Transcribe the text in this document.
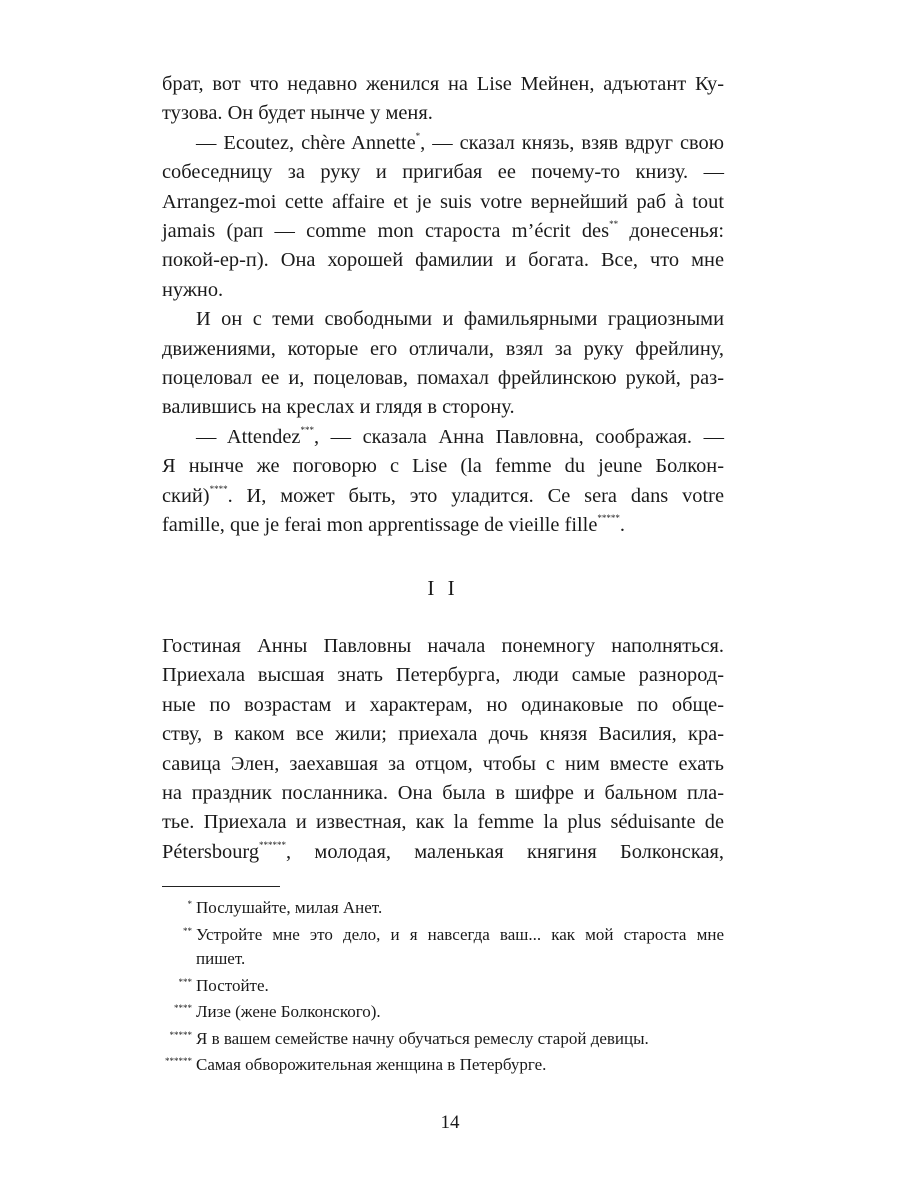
брат, вот что недавно женился на Lise Мейнен, адъютант Ку-
тузова. Он будет нынче у меня.
— Ecoutez, chère Annette*, — сказал князь, взяв вдруг свою
собеседницу за руку и пригибая ее почему-то книзу. —
Arrangez-moi cette affaire et je suis votre вернейший раб à tout
jamais (рап — comme mon староста m’écrit des** донесенья:
покой-ер-п). Она хорошей фамилии и богата. Все, что мне
нужно.
И он с теми свободными и фамильярными грациозными
движениями, которые его отличали, взял за руку фрейлину,
поцеловал ее и, поцеловав, помахал фрейлинскою рукой, раз-
валившись на креслах и глядя в сторону.
— Attendez***, — сказала Анна Павловна, соображая. —
Я нынче же поговорю с Lise (la femme du jeune Болкон-
ский)****. И, может быть, это уладится. Ce sera dans votre
famille, que je ferai mon apprentissage de vieille fille*****.
I I
Гостиная Анны Павловны начала понемногу наполняться.
Приехала высшая знать Петербурга, люди самые разнород-
ные по возрастам и характерам, но одинаковые по обще-
ству, в каком все жили; приехала дочь князя Василия, кра-
савица Элен, заехавшая за отцом, чтобы с ним вместе ехать
на праздник посланника. Она была в шифре и бальном пла-
тье. Приехала и известная, как la femme la plus séduisante de
Pétersbourg******, молодая, маленькая княгиня Болконская,
* Послушайте, милая Анет.
** Устройте мне это дело, и я навсегда ваш... как мой староста мне
пишет.
*** Постойте.
**** Лизе (жене Болконского).
***** Я в вашем семействе начну обучаться ремеслу старой девицы.
****** Самая обворожительная женщина в Петербурге.
14
